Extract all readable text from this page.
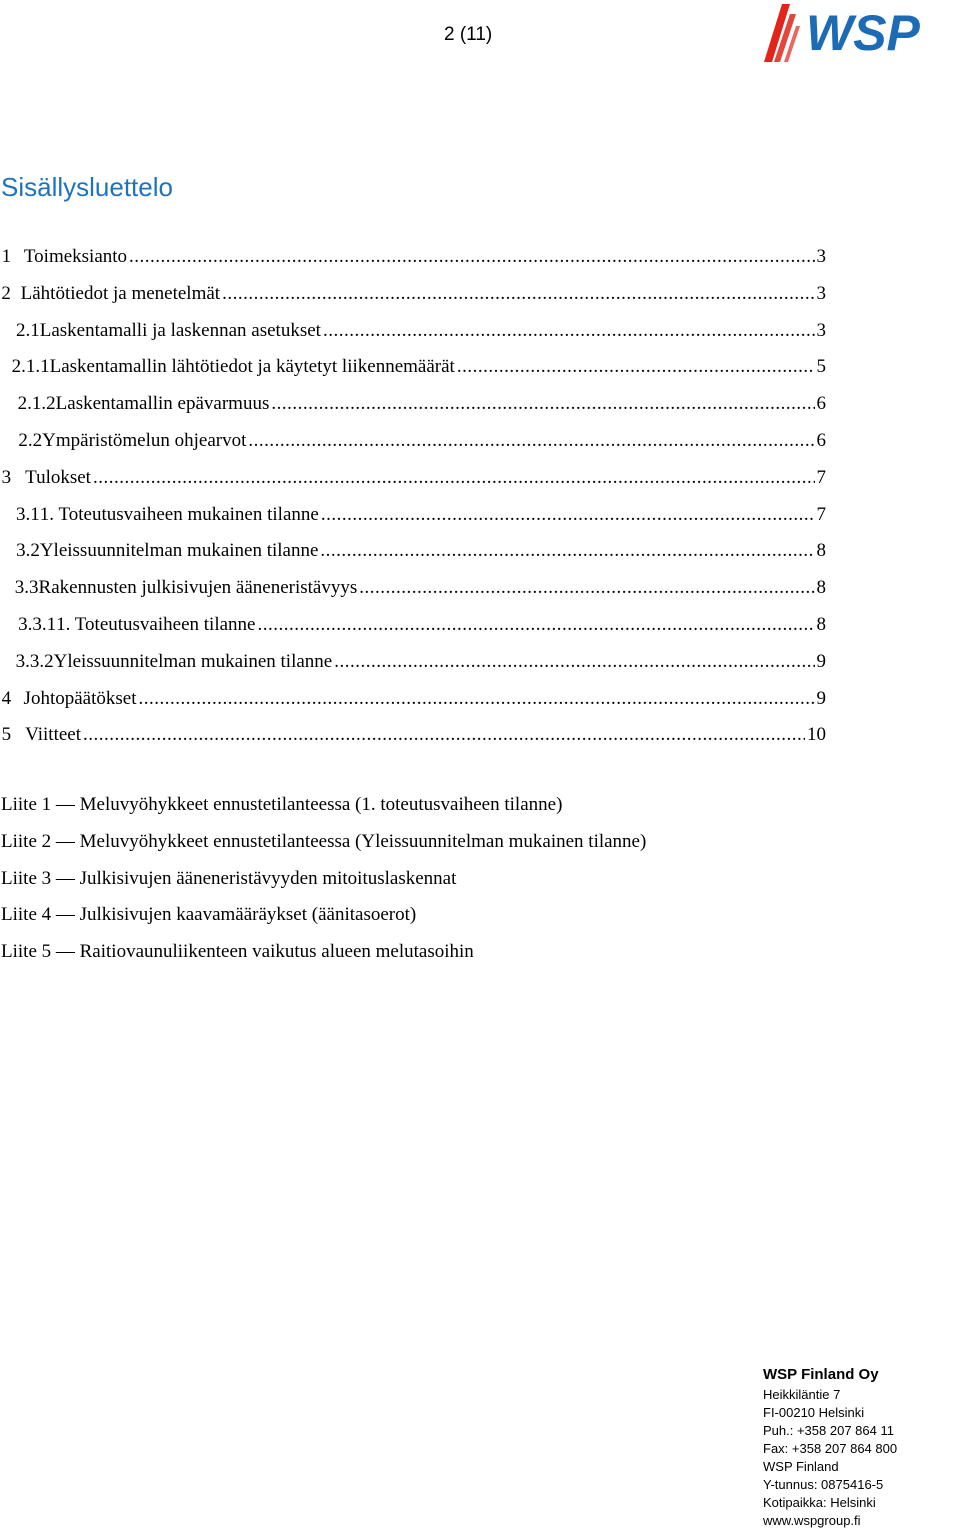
2 (11)	WSP
Sisällysluettelo
1 Toimeksianto .....	3
2 Lähtötiedot ja menetelmät .....	3
2.1 Laskentamalli ja laskennan asetukset .....	3
2.1.1 Laskentamallin lähtötiedot ja käytetyt liikennemäärät .....	5
2.1.2 Laskentamallin epävarmuus .....	6
2.2 Ympäristömelun ohjearvot .....	6
3 Tulokset .....	7
3.1 1. Toteutusvaiheen mukainen tilanne .....	7
3.2 Yleissuunnitelman mukainen tilanne .....	8
3.3 Rakennusten julkisivujen ääneneristävyys .....	8
3.3.1 1. Toteutusvaiheen tilanne .....	8
3.3.2 Yleissuunnitelman mukainen tilanne .....	9
4 Johtopäätökset .....	9
5 Viitteet .....	10
Liite 1 — Meluvyöhykkeet ennustetilanteessa (1. toteutusvaiheen tilanne)
Liite 2 — Meluvyöhykkeet ennustetilanteessa (Yleissuunnitelman mukainen tilanne)
Liite 3 — Julkisivujen ääneneristävyyden mitoituslaskennat
Liite 4 — Julkisivujen kaavamääräykset (äänitasoerot)
Liite 5 — Raitiovaunuliikenteen vaikutus alueen melutasoihin
WSP Finland Oy
Heikkiläntie 7
FI-00210 Helsinki
Puh.: +358 207 864 11
Fax: +358 207 864 800
WSP Finland
Y-tunnus: 0875416-5
Kotipaikka: Helsinki
www.wspgroup.fi
